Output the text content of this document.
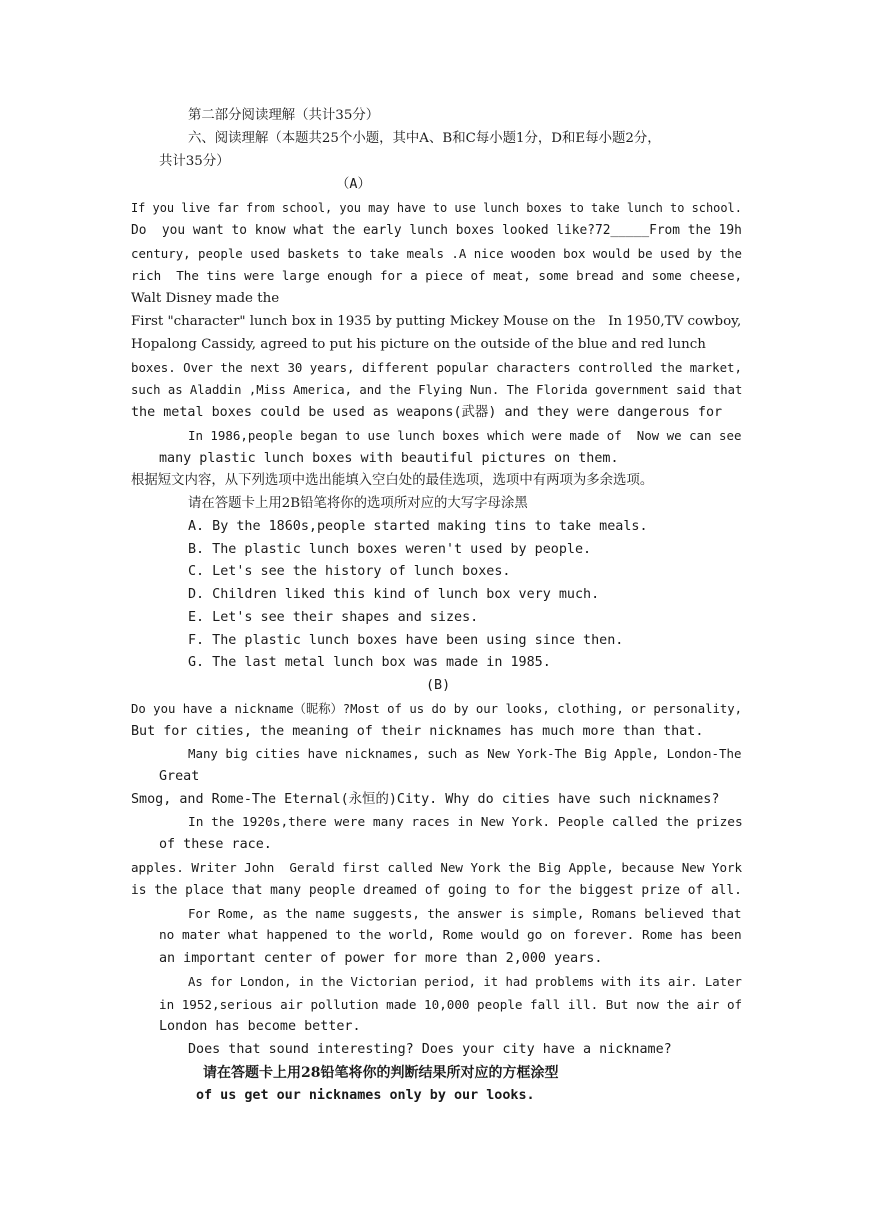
第二部分阅读理解（共计35分）
六、阅读理解（本题共25个小题，其中A、B和C每小题1分，D和E每小题2分，
共计35分）
（A）
If you live far from school, you may have to use lunch boxes to take lunch to school.
Do  you want to know what the early lunch boxes looked like?72_____From the 19h
century, people used baskets to take meals .A nice wooden box would be used by the
rich  The tins were large enough for a piece of meat, some bread and some cheese,
Walt Disney made the
First "character" lunch box in 1935 by putting Mickey Mouse on the   In 1950,TV cowboy,
Hopalong Cassidy, agreed to put his picture on the outside of the blue and red lunch
boxes. Over the next 30 years, different popular characters controlled the market,
such as Aladdin ,Miss America, and the Flying Nun. The Florida government said that
the metal boxes could be used as weapons(武器) and they were dangerous for
In 1986,people began to use lunch boxes which were made of  Now we can see
many plastic lunch boxes with beautiful pictures on them.
根据短文内容，从下列选项中选出能填入空白处的最佳选项，选项中有两项为多余选项。
请在答题卡上用2B铅笔将你的选项所对应的大写字母涂黑
A. By the 1860s,people started making tins to take meals.
B. The plastic lunch boxes weren't used by people.
C. Let's see the history of lunch boxes.
D. Children liked this kind of lunch box very much.
E. Let's see their shapes and sizes.
F. The plastic lunch boxes have been using since then.
G. The last metal lunch box was made in 1985.
(B)
Do you have a nickname（昵称）?Most of us do by our looks, clothing, or personality,
But for cities, the meaning of their nicknames has much more than that.
Many big cities have nicknames, such as New York-The Big Apple, London-The
Great
Smog, and Rome-The Eternal(永恒的)City. Why do cities have such nicknames?
In the 1920s,there were many races in New York. People called the prizes
of these race.
apples. Writer John  Gerald first called New York the Big Apple, because New York
is the place that many people dreamed of going to for the biggest prize of all.
For Rome, as the name suggests, the answer is simple, Romans believed that
no mater what happened to the world, Rome would go on forever. Rome has been
an important center of power for more than 2,000 years.
As for London, in the Victorian period, it had problems with its air. Later
in 1952,serious air pollution made 10,000 people fall ill. But now the air of
London has become better.
Does that sound interesting? Does your city have a nickname?
请在答题卡上用28铅笔将你的判断结果所对应的方框涂型
of us get our nicknames only by our looks.
